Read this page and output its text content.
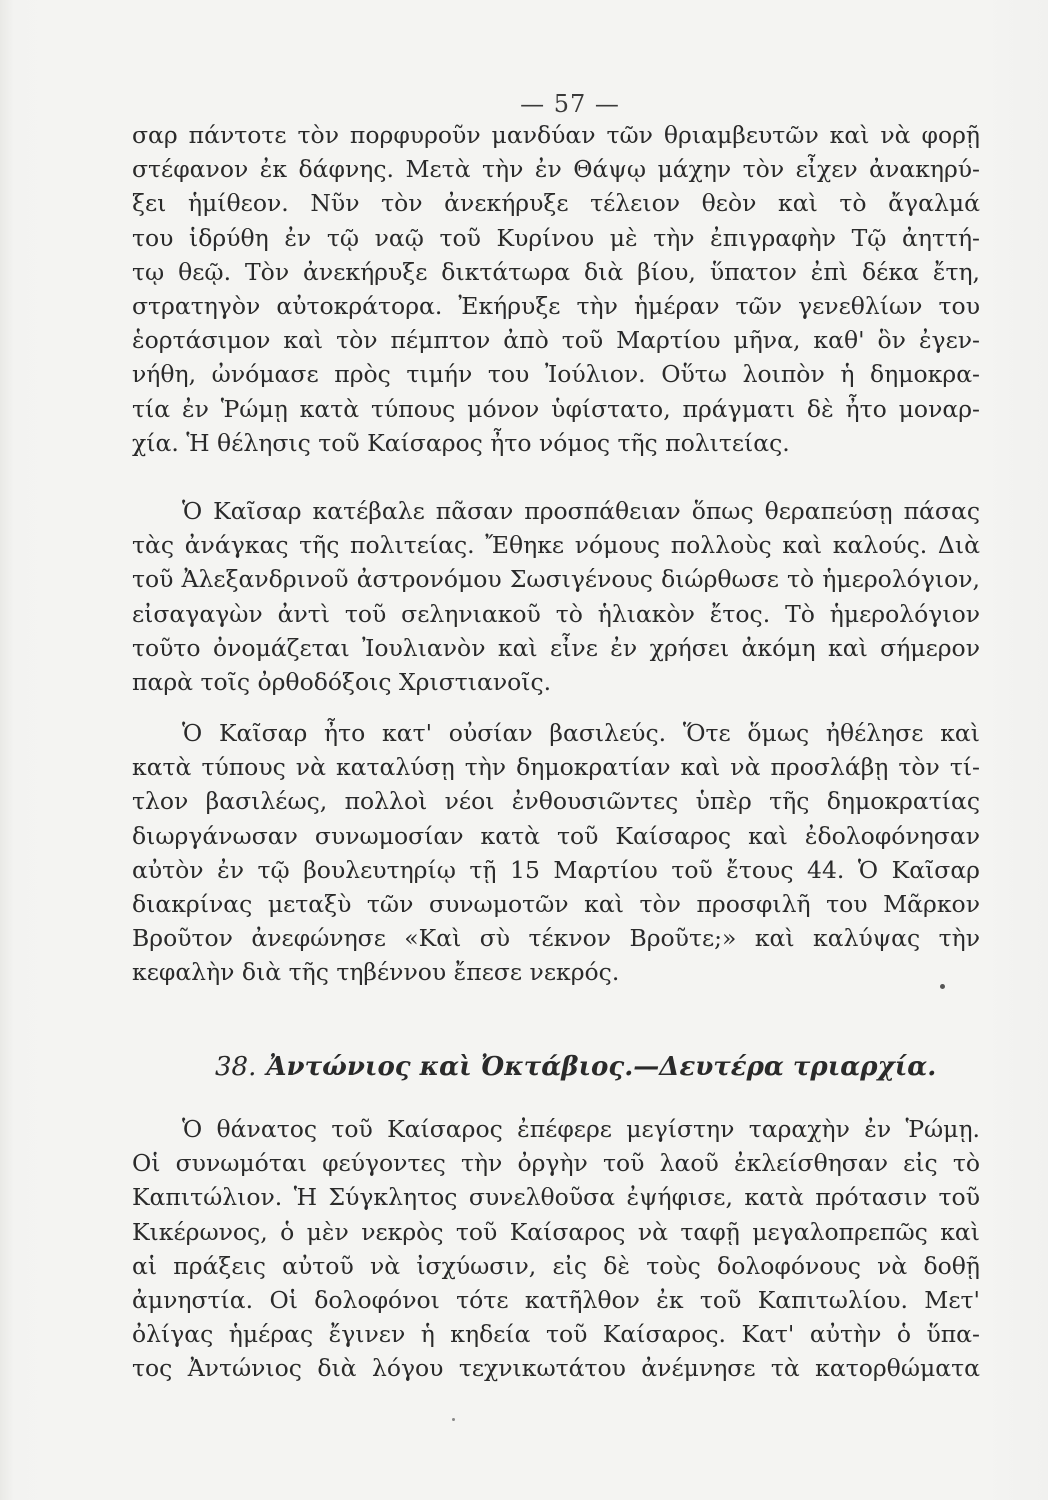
— 57 —
σαρ πάντοτε τὸν πορφυροῦν μανδύαν τῶν θριαμβευτῶν καὶ νὰ φορῇ
στέφανον ἐκ δάφνης. Μετὰ τὴν ἐν Θάψῳ μάχην τὸν εἶχεν ἀνακηρύ-
ξει ἡμίθεον. Νῦν τὸν ἀνεκήρυξε τέλειον θεὸν καὶ τὸ ἄγαλμά
του ἱδρύθη ἐν τῷ ναῷ τοῦ Κυρίνου μὲ τὴν ἐπιγραφὴν Τῷ ἀηττή-
τῳ θεῷ. Τὸν ἀνεκήρυξε δικτάτωρα διὰ βίου, ὕπατον ἐπὶ δέκα ἔτη,
στρατηγὸν αὐτοκράτορα. Ἐκήρυξε τὴν ἡμέραν τῶν γενεθλίων του
ἑορτάσιμον καὶ τὸν πέμπτον ἀπὸ τοῦ Μαρτίου μῆνα, καθ' ὃν ἐγεν-
νήθη, ὠνόμασε πρὸς τιμήν του Ἰούλιον. Οὕτω λοιπὸν ἡ δημοκρα-
τία ἐν Ῥώμῃ κατὰ τύπους μόνον ὑφίστατο, πράγματι δὲ ἦτο μοναρ-
χία. Ἡ θέλησις τοῦ Καίσαρος ἦτο νόμος τῆς πολιτείας.
Ὁ Καῖσαρ κατέβαλε πᾶσαν προσπάθειαν ὅπως θεραπεύσῃ πάσας
τὰς ἀνάγκας τῆς πολιτείας. Ἔθηκε νόμους πολλοὺς καὶ καλούς. Διὰ
τοῦ Ἀλεξανδρινοῦ ἀστρονόμου Σωσιγένους διώρθωσε τὸ ἡμερολόγιον,
εἰσαγαγὼν ἀντὶ τοῦ σεληνιακοῦ τὸ ἡλιακὸν ἔτος. Τὸ ἡμερολόγιον
τοῦτο ὀνομάζεται Ἰουλιανὸν καὶ εἶνε ἐν χρήσει ἀκόμη καὶ σήμερον
παρὰ τοῖς ὀρθοδόξοις Χριστιανοῖς.
Ὁ Καῖσαρ ἦτο κατ' οὐσίαν βασιλεύς. Ὅτε ὅμως ἠθέλησε καὶ
κατὰ τύπους νὰ καταλύσῃ τὴν δημοκρατίαν καὶ νὰ προσλάβῃ τὸν τί-
τλον βασιλέως, πολλοὶ νέοι ἐνθουσιῶντες ὑπὲρ τῆς δημοκρατίας
διωργάνωσαν συνωμοσίαν κατὰ τοῦ Καίσαρος καὶ ἐδολοφόνησαν
αὐτὸν ἐν τῷ βουλευτηρίῳ τῇ 15 Μαρτίου τοῦ ἔτους 44. Ὁ Καῖσαρ
διακρίνας μεταξὺ τῶν συνωμοτῶν καὶ τὸν προσφιλῆ του Μᾶρκον
Βροῦτον ἀνεφώνησε «Καὶ σὺ τέκνον Βροῦτε;» καὶ καλύψας τὴν
κεφαλὴν διὰ τῆς τηβέννου ἔπεσε νεκρός.
38. Ἀντώνιος καὶ Ὀκτάβιος.—Δευτέρα τριαρχία.
Ὁ θάνατος τοῦ Καίσαρος ἐπέφερε μεγίστην ταραχὴν ἐν Ῥώμῃ.
Οἱ συνωμόται φεύγοντες τὴν ὀργὴν τοῦ λαοῦ ἐκλείσθησαν εἰς τὸ
Καπιτώλιον. Ἡ Σύγκλητος συνελθοῦσα ἐψήφισε, κατὰ πρότασιν τοῦ
Κικέρωνος, ὁ μὲν νεκρὸς τοῦ Καίσαρος νὰ ταφῇ μεγαλοπρεπῶς καὶ
αἱ πράξεις αὐτοῦ νὰ ἰσχύωσιν, εἰς δὲ τοὺς δολοφόνους νὰ δοθῇ
ἀμνηστία. Οἱ δολοφόνοι τότε κατῆλθον ἐκ τοῦ Καπιτωλίου. Μετ'
ὀλίγας ἡμέρας ἔγινεν ἡ κηδεία τοῦ Καίσαρος. Κατ' αὐτὴν ὁ ὕπα-
τος Ἀντώνιος διὰ λόγου τεχνικωτάτου ἀνέμνησε τὰ κατορθώματα
